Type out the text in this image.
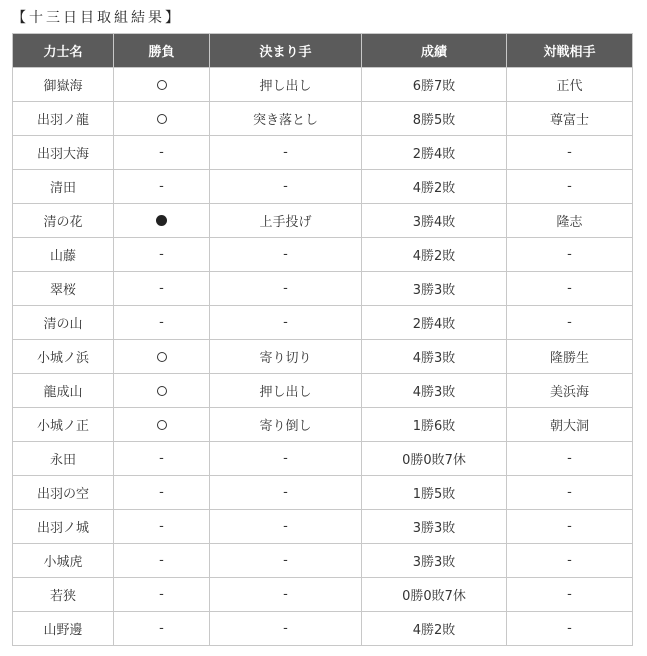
【十三日目取組結果】
力士名	勝負	決まり手	成績	対戦相手
御嶽海		押し出し	6勝7敗	正代
出羽ノ龍		突き落とし	8勝5敗	尊富士
出羽大海	-	-	2勝4敗	-
清田	-	-	4勝2敗	-
清の花		上手投げ	3勝4敗	隆志
山藤	-	-	4勝2敗	-
翠桜	-	-	3勝3敗	-
清の山	-	-	2勝4敗	-
小城ノ浜		寄り切り	4勝3敗	隆勝生
龍成山		押し出し	4勝3敗	美浜海
小城ノ正		寄り倒し	1勝6敗	朝大洞
永田	-	-	0勝0敗7休	-
出羽の空	-	-	1勝5敗	-
出羽ノ城	-	-	3勝3敗	-
小城虎	-	-	3勝3敗	-
若狭	-	-	0勝0敗7休	-
山野邊	-	-	4勝2敗	-
